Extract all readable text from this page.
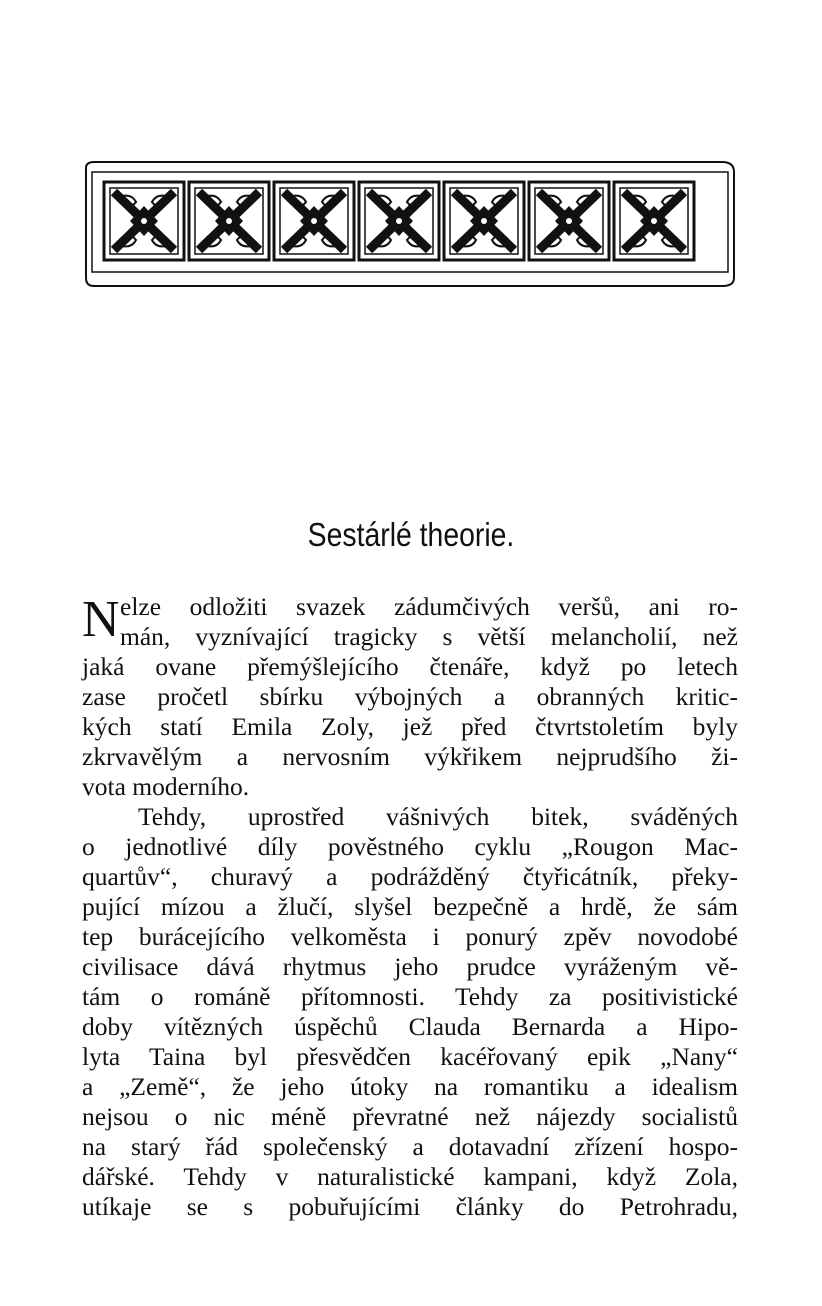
Sestárlé theorie.
N elze odložiti svazek zádumčivých veršů, ani ro-
mán, vyznívající tragicky s větší melancholií, než
jaká ovane přemýšlejícího čtenáře, když po letech
zase pročetl sbírku výbojných a obranných kritic-
kých statí Emila Zoly, jež před čtvrtstoletím byly
zkrvavělým a nervosním výkřikem nejprudšího ži-
vota moderního.
Tehdy, uprostřed vášnivých bitek, sváděných
o jednotlivé díly pověstného cyklu „Rougon Mac-
quartův“, churavý a podrážděný čtyřicátník, překy-
pující mízou a žlučí, slyšel bezpečně a hrdě, že sám
tep burácejícího velkoměsta i ponurý zpěv novodobé
civilisace dává rhytmus jeho prudce vyráženým vě-
tám o románě přítomnosti. Tehdy za positivistické
doby vítězných úspěchů Clauda Bernarda a Hipo-
lyta Taina byl přesvědčen kacéřovaný epik „Nany“
a „Země“, že jeho útoky na romantiku a idealism
nejsou o nic méně převratné než nájezdy socialistů
na starý řád společenský a dotavadní zřízení hospo-
dářské. Tehdy v naturalistické kampani, když Zola,
utíkaje se s pobuřujícími články do Petrohradu,
